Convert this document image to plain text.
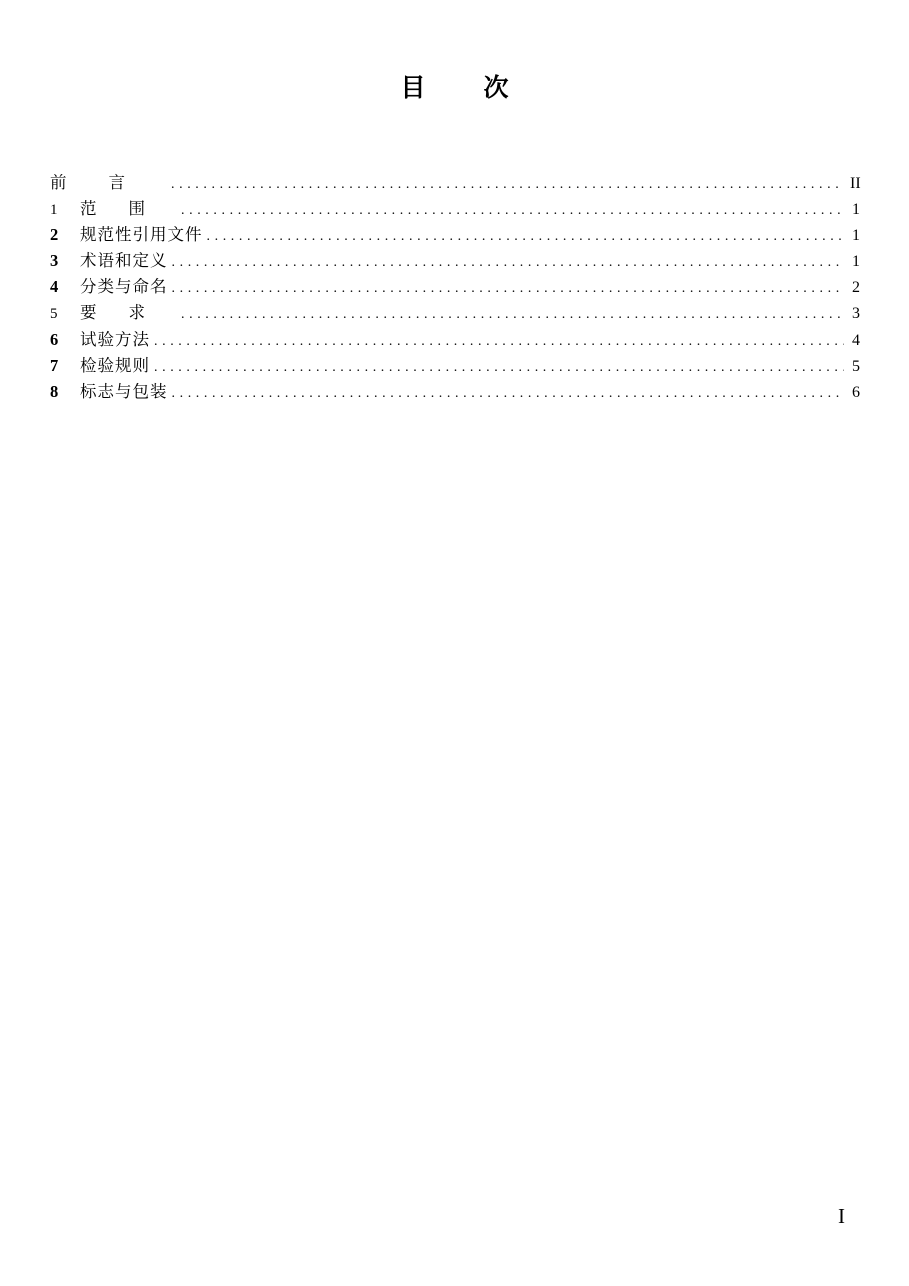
目次
前言 .....	II
1	范围 .....	1
2	规范性引用文件 .....	1
3	术语和定义 .....	1
4	分类与命名 .....	2
5	要求 .....	3
6	试验方法 .....	4
7	检验规则 .....	5
8	标志与包装 .....	6
I
